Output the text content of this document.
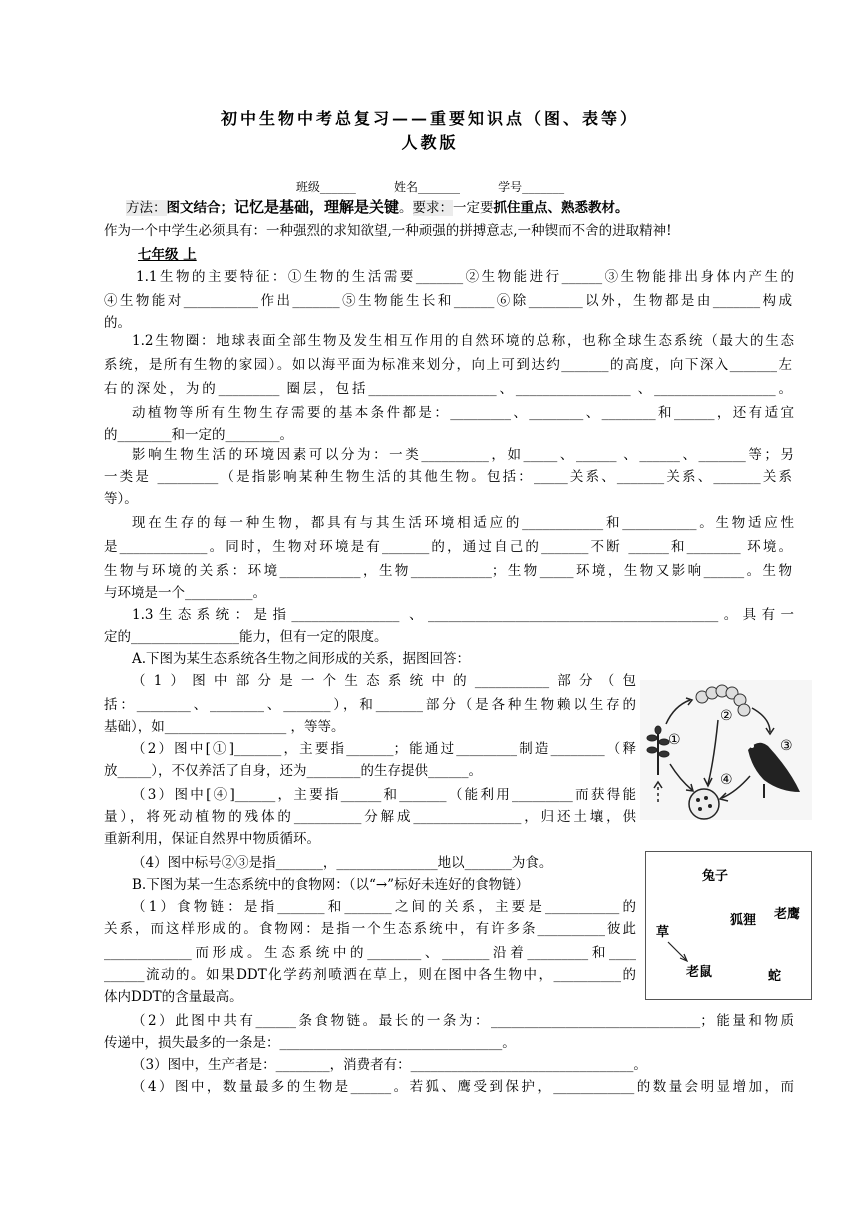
初中生物中考总复习——重要知识点（图、表等）
人教版
班级______          姓名_______          学号_______
方法：图文结合；记忆是基础，理解是关键。要求：一定要抓住重点、熟悉教材。
作为一个中学生必须具有：一种强烈的求知欲望,一种顽强的拼搏意志,一种锲而不舍的进取精神!
七年级 上
1.1生物的主要特征：①生物的生活需要_______②生物能进行______③生物能排出身体内产生的
④生物能对___________作出_______⑤生物能生长和______⑥除________以外，生物都是由_______构成
的。
1.2生物圈：地球表面全部生物及发生相互作用的自然环境的总称，也称全球生态系统（最大的生态
系统，是所有生物的家园）。如以海平面为标准来划分，向上可到达约_______的高度，向下深入_______左
右的深处，为的_________ 圈层，包括___________________、_________________ 、__________________。
动植物等所有生物生存需要的基本条件都是：_________、________、________和______，还有适宜
的________和一定的________。
影响生物生活的环境因素可以分为：一类__________，如_____、______ 、______、_______等；另
一类是 _________（是指影响某种生物生活的其他生物。包括：_____关系、_______关系、_______关系
等）。
现在生存的每一种生物，都具有与其生活环境相适应的____________和___________。生物适应性
是_____________。同时，生物对环境是有_______的，通过自己的_______不断 ______和________ 环境。
生物与环境的关系：环境____________，生物____________；生物_____环境，生物又影响______。生物
与环境是一个__________。
1.3生态系统：是指________________ 、___________________________________________。具有一
定的________________能力，但有一定的限度。
A.下图为某生态系统各生物之间形成的关系，据图回答：
（1）图中部分是一个生态系统中的___________部分（包
括：________、________、_______），和_______部分（是各种生物赖以生存的
基础），如__________________ ，等等。
（2）图中[①]_______，主要指_______；能通过_________制造________（释
放_____），不仅养活了自身，还为________的生存提供______。
（3）图中[④]______，主要指______和_______（能利用_________而获得能
量），将死动植物的残体的__________分解成________________，归还土壤，供
重新利用，保证自然界中物质循环。
（4）图中标号②③是指_______，_______________地以_______为食。
B.下图为某一生态系统中的食物网：（以“→”标好未连好的食物链）
（1）食物链：是指_______和_______之间的关系，主要是___________的
关系，而这样形成的。食物网：是指一个生态系统中，有许多条__________彼此
_____________而形成。生态系统中的________、_______沿着_________和____
______流动的。如果DDT化学药剂喷洒在草上，则在图中各生物中，__________的
体内DDT的含量最高。
（2）此图中共有______条食物链。最长的一条为：_______________________________；能量和物质
传递中，损失最多的一条是：_________________________________。
（3）图中，生产者是：________，消费者有：_________________________________。
（4）图中，数量最多的生物是______。若狐、鹰受到保护，____________的数量会明显增加，而
①
②
③
④
兔子
狐狸 老鹰
草
老鼠	蛇
